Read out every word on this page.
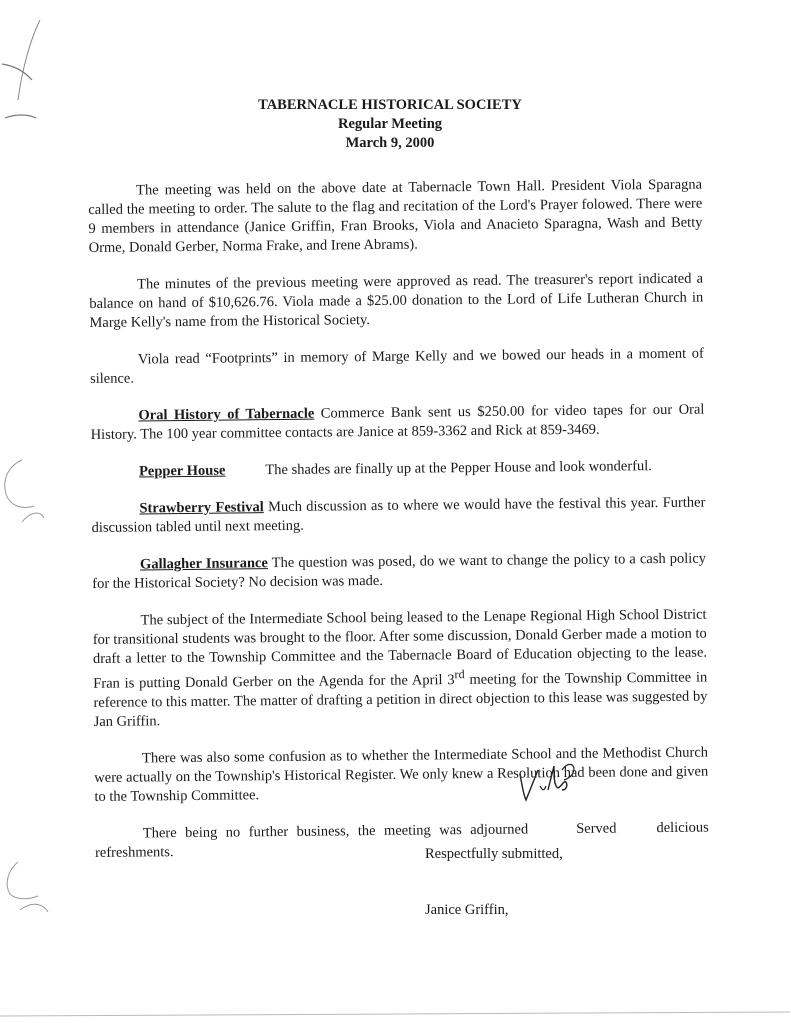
TABERNACLE HISTORICAL SOCIETY
Regular Meeting
March 9, 2000

The meeting was held on the above date at Tabernacle Town Hall. President Viola Sparagna called the meeting to order. The salute to the flag and recitation of the Lord's Prayer folowed. There were 9 members in attendance (Janice Griffin, Fran Brooks, Viola and Anacieto Sparagna, Wash and Betty Orme, Donald Gerber, Norma Frake, and Irene Abrams).

The minutes of the previous meeting were approved as read. The treasurer's report indicated a balance on hand of $10,626.76. Viola made a $25.00 donation to the Lord of Life Lutheran Church in Marge Kelly's name from the Historical Society.

Viola read “Footprints” in memory of Marge Kelly and we bowed our heads in a moment of silence.

Oral History of Tabernacle Commerce Bank sent us $250.00 for video tapes for our Oral History. The 100 year committee contacts are Janice at 859-3362 and Rick at 859-3469.

Pepper House	The shades are finally up at the Pepper House and look wonderful.

Strawberry Festival Much discussion as to where we would have the festival this year. Further discussion tabled until next meeting.

Gallagher Insurance The question was posed, do we want to change the policy to a cash policy for the Historical Society? No decision was made.

The subject of the Intermediate School being leased to the Lenape Regional High School District for transitional students was brought to the floor. After some discussion, Donald Gerber made a motion to draft a letter to the Township Committee and the Tabernacle Board of Education objecting to the lease. Fran is putting Donald Gerber on the Agenda for the April 3rd meeting for the Township Committee in reference to this matter. The matter of drafting a petition in direct objection to this lease was suggested by Jan Griffin.

There was also some confusion as to whether the Intermediate School and the Methodist Church were actually on the Township's Historical Register. We only knew a Resolution had been done and given to the Township Committee.

There being no further business, the meeting was adjourned	Served	delicious refreshments.	Respectfully submitted,
Janice Griffin,
